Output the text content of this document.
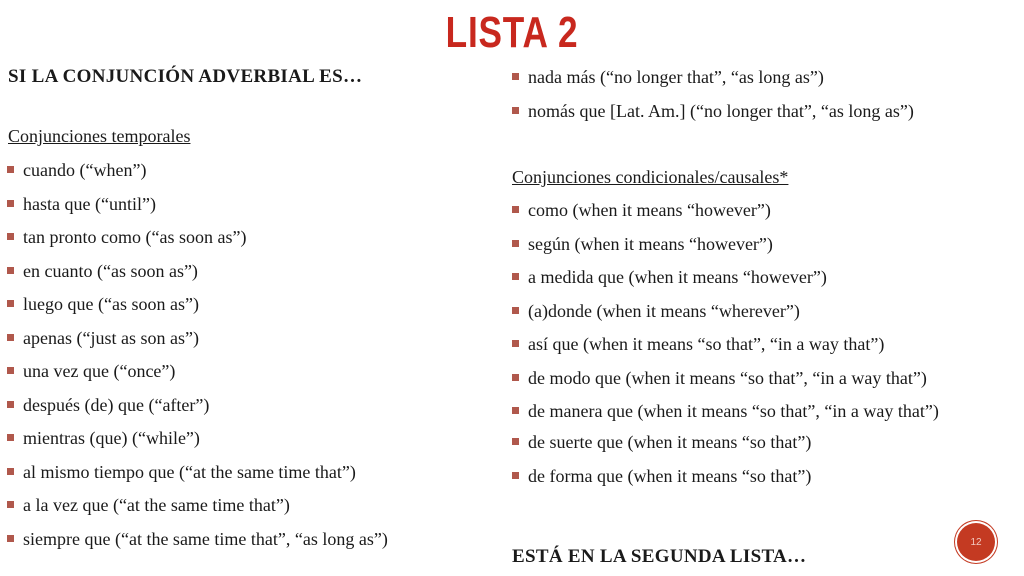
LISTA 2
SI LA CONJUNCIÓN ADVERBIAL ES…
Conjunciones temporales
cuando (“when”)
hasta que (“until”)
tan pronto como (“as soon as”)
en cuanto (“as soon as”)
luego que (“as soon as”)
apenas (“just as son as”)
una vez que (“once”)
después (de) que (“after”)
mientras (que) (“while”)
al mismo tiempo que (“at the same time that”)
a la vez que (“at the same time that”)
siempre que (“at the same time that”, “as long as”)
nada más (“no longer that”, “as long as”)
nomás que [Lat. Am.] (“no longer that”, “as long as”)
Conjunciones condicionales/causales*
como (when it means “however”)
según (when it means “however”)
a medida que (when it means “however”)
(a)donde (when it means “wherever”)
así que (when it means “so that”, “in a way that”)
de modo que (when it means “so that”, “in a way that”)
de manera que (when it means “so that”, “in a way that”)
de suerte que (when it means “so that”)
de forma que (when it means “so that”)
ESTÁ EN LA SEGUNDA LISTA…
12
